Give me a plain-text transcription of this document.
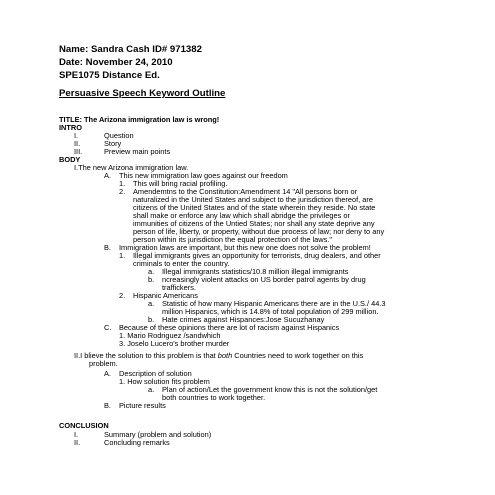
Name: Sandra Cash ID# 971382
Date: November 24, 2010
SPE1075 Distance Ed.
Persuasive Speech Keyword Outline
TITLE: The Arizona immigration law is wrong!
INTRO
I.	Question
II.	Story
III.	Preview main points
BODY
I.The new Arizona immigration law.
A. This new immigration law goes against our freedom
1. This will bring racial profiling.
2. Amendemtns to the Constitution:Amendment 14 "All persons born or
naturalized in the United States and subject to the jurisdiction thereof, are
citizens of the United States and of the state wherein they reside. No state
shall make or enforce any law which shall abridge the privileges or
immunities of citizens of the Untied States; nor shall any state deprive any
person of life, liberty, or property, without due process of law; nor deny to any
person within its jurisdiction the equal protection of the laws."
B. Immigration laws are important, but this new one does not solve the problem!
1. Illegal immigrants gives an opportunity for terrorists, drug dealers, and other
criminals to enter the country.
a. Illegal immigrants statistics/10.8 million illegal immigrants
b. ncreasingly violent attacks on US border patrol agents by drug
traffickers.
2. Hispanic Americans
a. Statistic of how many Hispanic Americans there are in the U.S./ 44.3
million Hispanics, which is 14.8% of total population of 299 million.
b. Hate crimes against Hispances:Jose Sucuzhanay
C. Because of these opinions there are lot of racism against Hispanics
1. Mario Rodriguez /sandwhich
3. Joselo Lucero's brother murder
II.I blieve the solution to this problem is that both Countries need to work together on this
problem.
A. Description of solution
1. How solution fits problem
a. Plan of action/Let the government know this is not the solution/get
both countries to work together.
B. Picture results
CONCLUSION
I.	Summary (problem and solution)
II.	Concluding remarks
